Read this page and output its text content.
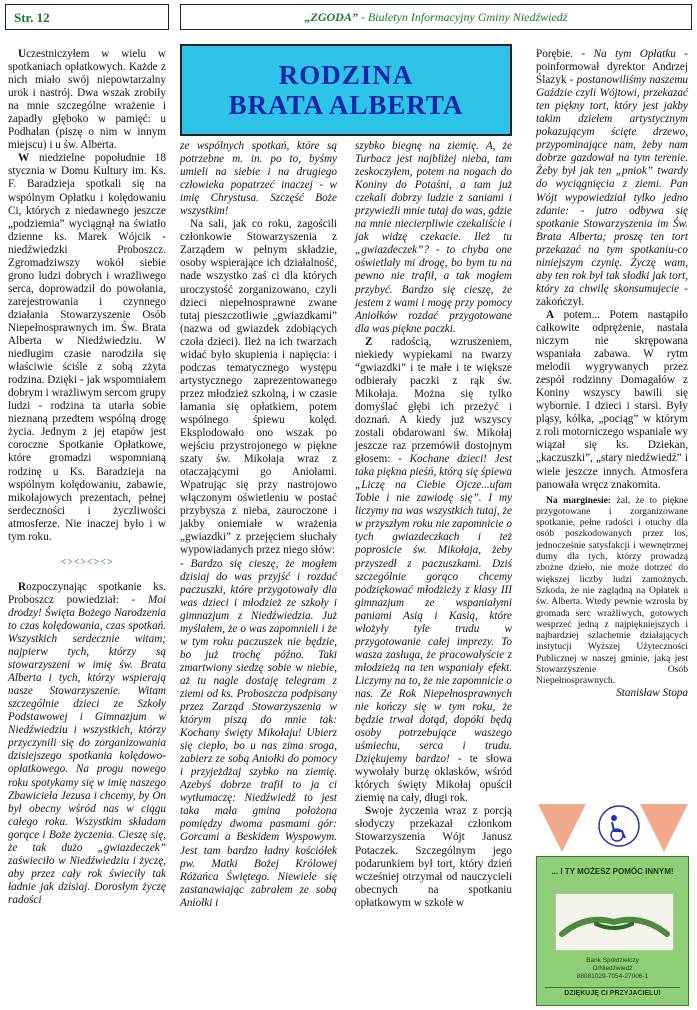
Str. 12	„ZGODA” - Biuletyn Informacyjny Gminy Niedźwiedź
RODZINA
BRATA ALBERTA

Uczestniczyłem w wielu w spotkaniach opłatkowych. Każde z nich miało swój niepowtarzalny urok i nastrój. Dwa wszak zrobiły na mnie szczególne wrażenie i zapadły głęboko w pamięć: u Podhalan (piszę o nim w innym miejscu) i u św. Alberta.

W niedzielne popołudnie 18 stycznia w Domu Kultury im. Ks. F. Baradzieja spotkali się na wspólnym Opłatku i kolędowaniu Ci, których z niedawnego jeszcze „podziemia” wyciągnął na światło dzienne ks. Marek Wójcik - niedźwiedzki Proboszcz. Zgromadziwszy wokół siebie grono ludzi dobrych i wrażliwego serca, doprowadził do powołania, zarejestrowania i czynnego działania Stowarzyszenie Osób Niepełnosprawnych im. Św. Brata Alberta w Niedźwiedziu. W niedługim czasie narodziła się właściwie ściśle z sobą zżyta rodzina. Dzięki - jak wspomniałem dobrym i wrażliwym sercom grupy ludzi - rodzina ta utarła sobie nieznaną przedtem wspólną drogę życia. Jednym z jej etapów jest coroczne Spotkanie Opłatkowe, które gromadzi wspomnianą rodzinę u Ks. Baradzieja na wspólnym kolędowaniu, zabawie, mikołajowych prezentach, pełnej serdeczności i życzliwości atmosferze. Nie inaczej było i w tym roku.

<><><><>

Rozpoczynając spotkanie ks. Proboszcz powiedział: - Moi drodzy! Święta Bożego Narodzenia to czas kolędowania, czas spotkań. Wszystkich serdecznie witam; najpierw tych, którzy są stowarzyszeni w imię św. Brata Alberta i tych, którzy wspierają nasze Stowarzyszenie. Witam szczególnie dzieci ze Szkoły Podstawowej i Gimnazjum w Niedźwiedziu i wszystkich, którzy przyczynili się do zorganizowania dzisiejszego spotkania kolędowo-opłatkowego. Na progu nowego roku spotykamy się w imię naszego Zbawiciela Jezusa i chcemy, by On był obecny wśród nas w ciągu całego roku. Wszystkim składam gorące i Boże życzenia. Cieszę się, że tak dużo „gwiazdeczek” zaświeciło w Niedźwiedziu i życzę, aby przez cały rok świeciły tak ładnie jak dzisiaj. Dorosłym życzę radości

ze wspólnych spotkań, które są potrzebne m. in. po to, byśmy umieli na siebie i na drugiego człowieka popatrzeć inaczej - w imię Chrystusa. Szczęść Boże wszystkim!

Na sali, jak co roku, zagościli członkowie Stowarzyszenia z Zarządem w pełnym składzie, osoby wspierające ich działalność, nade wszystko zaś ci dla których uroczystość zorganizowano, czyli dzieci niepełnosprawne zwane tutaj pieszczotliwie „gwiazdkami” (nazwa od gwiazdek zdobiących czoła dzieci). Ileż na ich twarzach widać było skupienia i napięcia: i podczas tematycznego występu artystycznego zaprezentowanego przez młodzież szkolną, i w czasie łamania się opłatkiem, potem wspólnego śpiewu kolęd. Eksplodowało ono wszak po wejściu przystrojonego w piękne szaty św. Mikołaja wraz z otaczającymi go Aniołami. Wpatrując się przy nastrojowo włączonym oświetleniu w postać przybysza z nieba, zauroczone i jakby oniemiałe w wrażenia „gwiazdki” z przejęciem słuchały wypowiadanych przez niego słów:

- Bardzo się cieszę, że mogłem dzisiaj do was przyjść i rozdać paczuszki, które przygotowały dla was dzieci i młodzież ze szkoły i gimnazjum z Niedźwiedzia. Już myślałem, że o was zapomnieli i że w tym roku paczuszek nie będzie, bo już trochę późno. Taki zmartwiony siedzę sobie w niebie, aż tu nagle dostaję telegram z ziemi od ks. Proboszcza podpisany przez Zarząd Stowarzyszenia w którym piszą do mnie tak: Kochany święty Mikołaju! Ubierz się ciepło, bo u nas zima sroga, zabierz ze sobą Aniołki do pomocy i przyjeżdżaj szybko na ziemię. Azebyś dobrze trafił to ja ci wytłumaczę: Niedźwiedź to jest taka mała gmina położona pomiędzy dwoma pasmami gór: Gorcami a Beskidem Wyspowym. Jest tam bardzo ładny kościółek pw. Matki Bożej Królowej Różańca Świętego. Niewiele się zastanawiając zabrałem ze sobą Aniołki i

szybko biegnę na ziemię. A, że Turbacz jest najbliżej nieba, tam zeskoczyłem, potem na nogach do Koniny do Potaśni, a tam już czekali dobrzy ludzie z saniami i przywieźli mnie tutaj do was, gdzie na mnie niecierpliwie czekaliście i jak widzę czekacie. Ileż tu „gwiazdeczek”? - to chyba one oświetlały mi drogę, bo bym tu na pewno nie trafił, a tak mogłem przybyć. Bardzo się cieszę, że jestem z wami i mogę przy pomocy Aniołków rozdać przygotowane dla was piękne paczki.

Z radością, wzruszeniem, niekiedy wypiekami na twarzy “gwiazdki” i te małe i te większe odbierały paczki z rąk św. Mikołaja. Można się tylko domyślać głębi ich przeżyć i doznań. A kiedy już wszyscy zostali obdarowani św. Mikołaj jeszcze raz przemówił dostojnym głosem: - Kochane dzieci! Jest taka piękna pieśń, którą się śpiewa „Liczę na Ciebie Ojcze...ufam Tobie i nie zawiodę się”. I my liczymy na was wszystkich tutaj, że w przyszłym roku nie zapomnicie o tych gwiazdeczkach i też poprosicie św. Mikołaja, żeby przyszedł z paczuszkami. Dziś szczególnie gorąco chcemy podziękować młodzieży z klasy III gimnazjum ze wspaniałymi paniami Asią i Kasią, które włożyły tyle trudu w przygotowanie całej imprezy. To wasza zasługa, że pracowałyście z młodzieżą na ten wspaniały efekt. Liczymy na to, że nie zapomnicie o nas. Ze Rok Niepełnosprawnych nie kończy się w tym roku, że będzie trwał dotąd, dopóki będą osoby potrzebujące waszego uśmiechu, serca i trudu. Dziękujemy bardzo! - te słowa wywołały burzę oklasków, wśród których święty Mikołaj opuścił ziemię na cały, długi rok.

Swoje życzenia wraz z porcją słodyczy przekazał członkom Stowarzyszenia Wójt Janusz Potaczek. Szczególnym jego podarunkiem był tort, który dzień wcześniej otrzymał od nauczycieli obecnych na spotkaniu opłatkowym w szkole w

Porębie. - Na tym Opłatku - poinformował dyrektor Andrzej Ślazyk - postanowiliśmy naszemu Gaździe czyli Wójtowi, przekazać ten piękny tort, który jest jakby takim dziełem artystycznym pokazującym ścięte drzewo, przypominające nam, żeby nam dobrze gazdował na tym terenie. Żeby był jak ten „pniok” twardy do wyciągnięcia z ziemi. Pan Wójt wypowiedział tylko jedno zdanie: - jutro odbywa się spotkanie Stowarzyszenia im Św. Brata Alberta; proszę ten tort przekazać na tym spotkaniu-co niniejszym czynię. Życzę wam, aby ten rok był tak słodki jak tort, który za chwilę skonsumujecie - zakończył.

A potem... Potem nastąpiło całkowite odprężenie, nastała niczym nie skrępowana wspaniała zabawa. W rytm melodii wygrywanych przez zespół rodzinny Domagałów z Koniny wszyscy bawili się wybornie. I dzieci i starsi. Były pląsy, kółka, „pociąg” w którym z roli motorniczego wspaniale wy wiązał się ks. Dziekan, „kaczuszki”, „stary niedźwiedź” i wiele jeszcze innych. Atmosfera panowała wręcz znakomita.

Na marginesie: żal, że to piękne przygotowane i zorganizowane spotkanie, pełne radości i otuchy dla osób poszkodowanych przez los, jednocześnie satysfakcji i wewnętrznej dumy dla tych, którzy prowadzą zbożne dzieło, nie może dotrzeć do większej liczby ludzi zamożnych. Szkoda, że nie zaglądną na Opłatek u św. Alberta. Wtedy pewnie wzrosła by gromada serc wrażliwych, gotowych wesprzeć jedną z najpiękniejszych i najbardziej szlachetnie działających instytucji Wyższej Użyteczności Publicznej w naszej gminie, jaką jest Stowarzyszenie Osób Niepełnosprawnych.

Stanisław Stopa

... I TY MOŻESZ POMÓC INNYM!
Bank Spółdzielczy
O/Niedźwiedź
88081029-7054-27006-1
DZIĘKUJĘ CI PRZYJACIELU!
